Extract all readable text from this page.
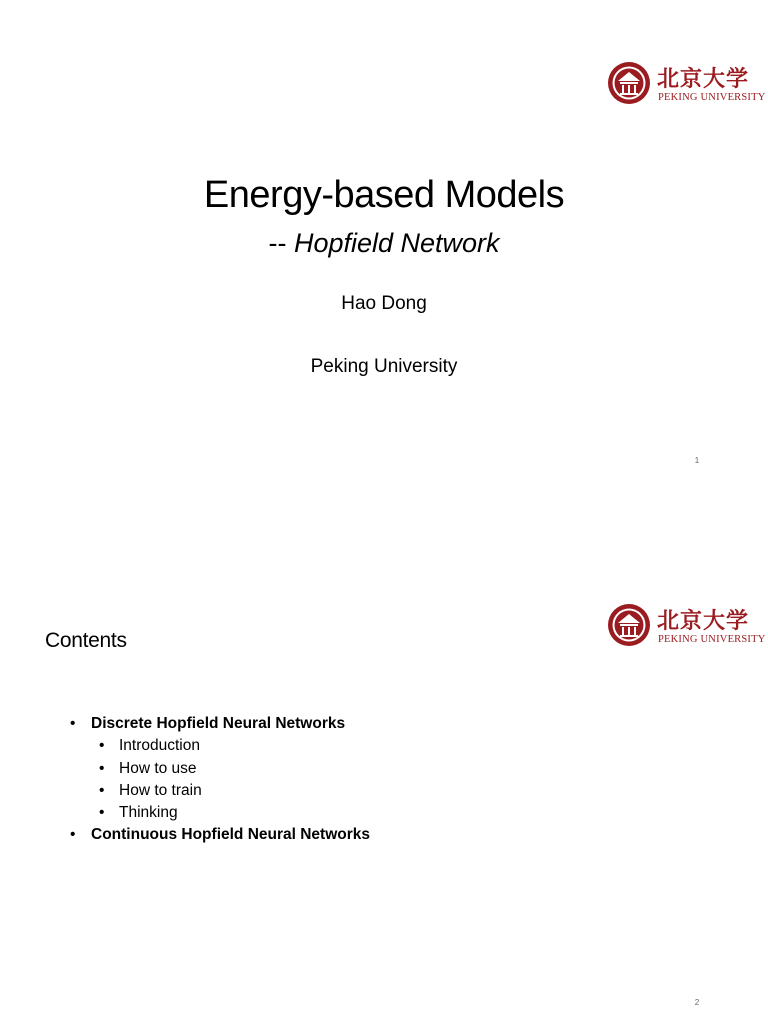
北京大学
PEKING UNIVERSITY
Energy-based Models
-- Hopfield Network
Hao Dong
Peking University
1
北京大学
PEKING UNIVERSITY
Contents
• Discrete Hopfield Neural Networks
• Introduction
• How to use
• How to train
• Thinking
• Continuous Hopfield Neural Networks
2
